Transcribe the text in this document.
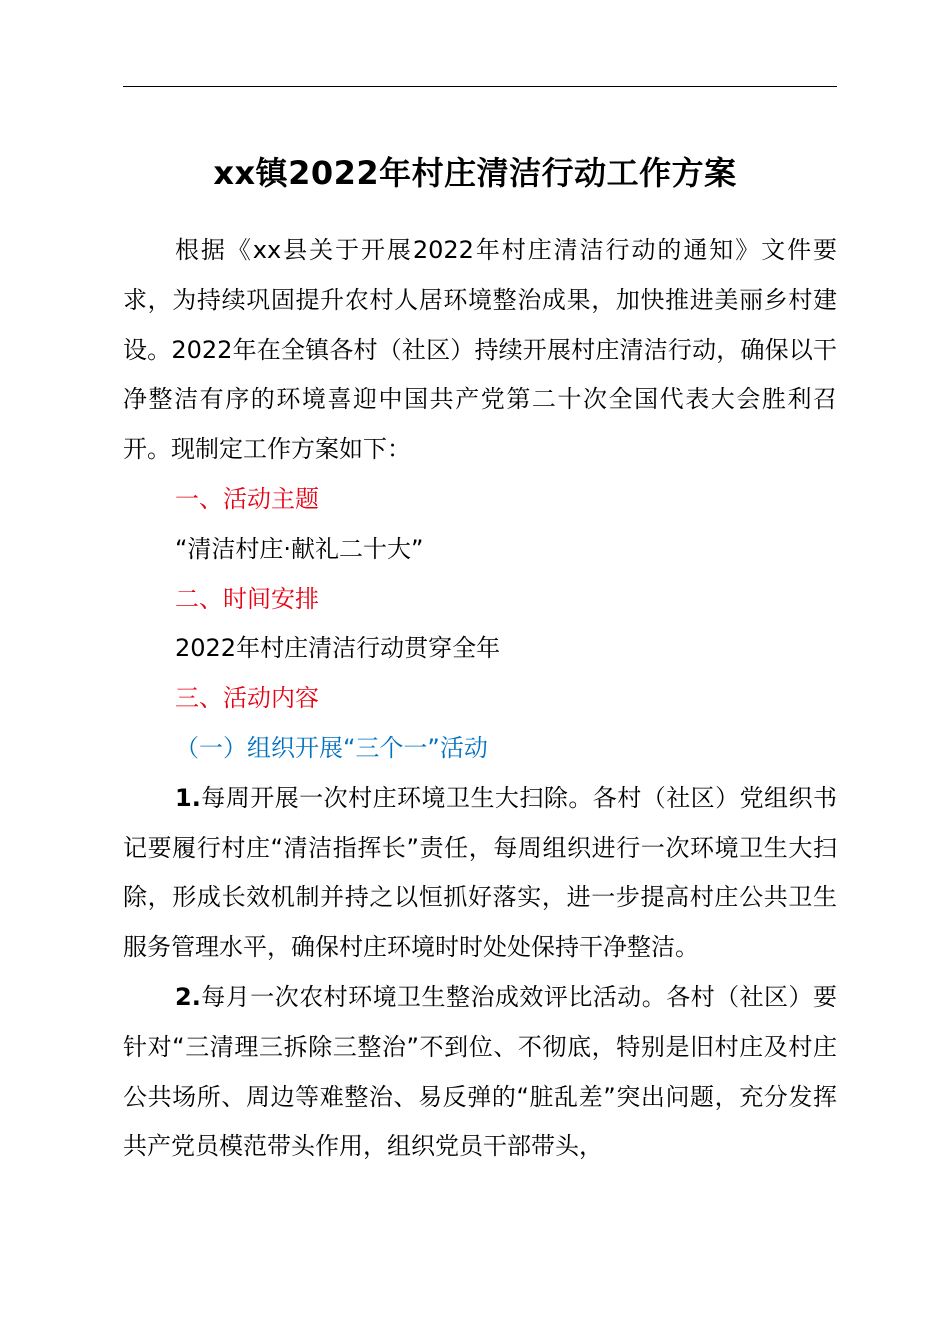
xx镇2022年村庄清洁行动工作方案

根据《xx县关于开展2022年村庄清洁行动的通知》文件要求，为持续巩固提升农村人居环境整治成果，加快推进美丽乡村建设。2022年在全镇各村（社区）持续开展村庄清洁行动，确保以干净整洁有序的环境喜迎中国共产党第二十次全国代表大会胜利召开。现制定工作方案如下：

一、活动主题

“清洁村庄·献礼二十大”

二、时间安排

2022年村庄清洁行动贯穿全年

三、活动内容

（一）组织开展“三个一”活动

1.每周开展一次村庄环境卫生大扫除。各村（社区）党组织书记要履行村庄“清洁指挥长”责任，每周组织进行一次环境卫生大扫除，形成长效机制并持之以恒抓好落实，进一步提高村庄公共卫生服务管理水平，确保村庄环境时时处处保持干净整洁。

2.每月一次农村环境卫生整治成效评比活动。各村（社区）要针对“三清理三拆除三整治”不到位、不彻底，特别是旧村庄及村庄公共场所、周边等难整治、易反弹的“脏乱差”突出问题，充分发挥共产党员模范带头作用，组织党员干部带头，
